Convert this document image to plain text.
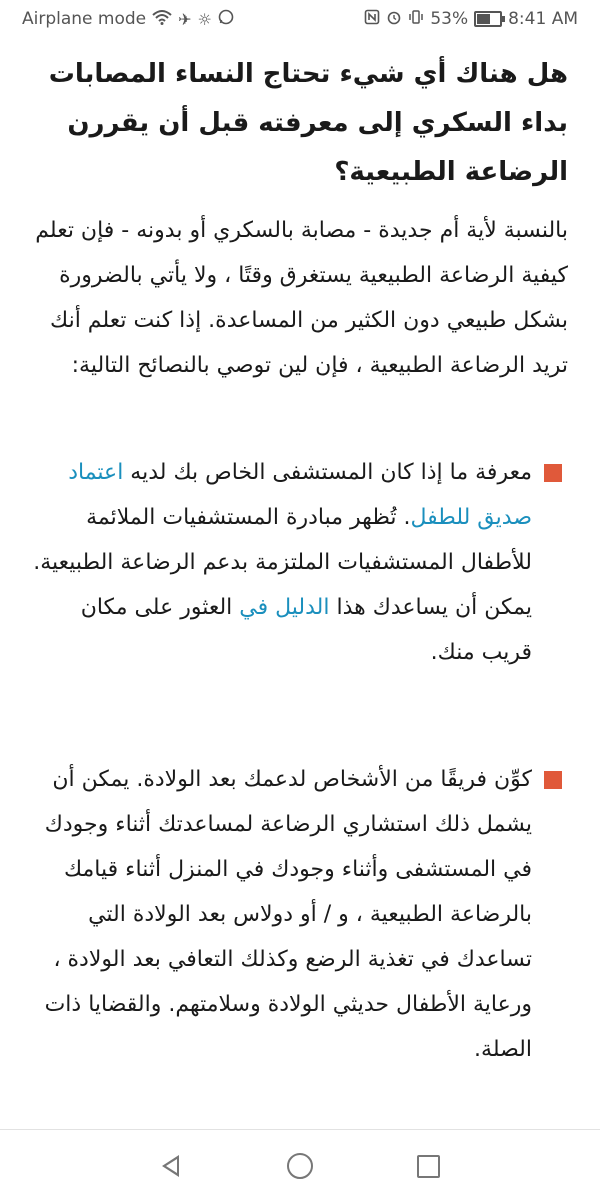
Airplane mode ✈ ☼	53% 8:41 AM
هل هناك أي شيء تحتاج النساء المصابات بداء السكري إلى معرفته قبل أن يقررن الرضاعة الطبيعية؟

بالنسبة لأية أم جديدة - مصابة بالسكري أو بدونه - فإن تعلم كيفية الرضاعة الطبيعية يستغرق وقتًا ، ولا يأتي بالضرورة بشكل طبيعي دون الكثير من المساعدة. إذا كنت تعلم أنك تريد الرضاعة الطبيعية ، فإن لين توصي بالنصائح التالية:

معرفة ما إذا كان المستشفى الخاص بك لديه اعتماد صديق للطفل. تُظهر مبادرة المستشفيات الملائمة للأطفال المستشفيات الملتزمة بدعم الرضاعة الطبيعية. يمكن أن يساعدك هذا الدليل في العثور على مكان قريب منك.
كوِّن فريقًا من الأشخاص لدعمك بعد الولادة. يمكن أن يشمل ذلك استشاري الرضاعة لمساعدتك أثناء وجودك في المستشفى وأثناء وجودك في المنزل أثناء قيامك بالرضاعة الطبيعية ، و / أو دولاس بعد الولادة التي تساعدك في تغذية الرضع وكذلك التعافي بعد الولادة ، ورعاية الأطفال حديثي الولادة وسلامتهم. والقضايا ذات الصلة.
